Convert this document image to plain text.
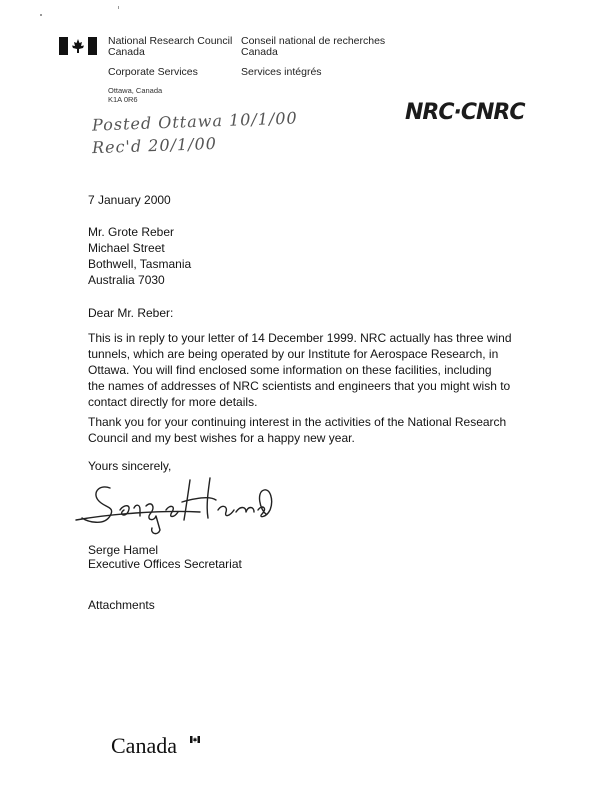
National Research Council
Canada
Conseil national de recherches
Canada
Corporate Services	Services intégrés
Ottawa, Canada
K1A 0R6
NRC·CNRC
Posted Ottawa 10/1/00
Rec'd 20/1/00
7 January 2000
Mr. Grote Reber
Michael Street
Bothwell, Tasmania
Australia 7030
Dear Mr. Reber:
This is in reply to your letter of 14 December 1999. NRC actually has three wind
tunnels, which are being operated by our Institute for Aerospace Research, in
Ottawa. You will find enclosed some information on these facilities, including
the names of addresses of NRC scientists and engineers that you might wish to
contact directly for more details.
Thank you for your continuing interest in the activities of the National Research
Council and my best wishes for a happy new year.
Yours sincerely,
Serge Hamel
Executive Offices Secretariat
Attachments
Canada
